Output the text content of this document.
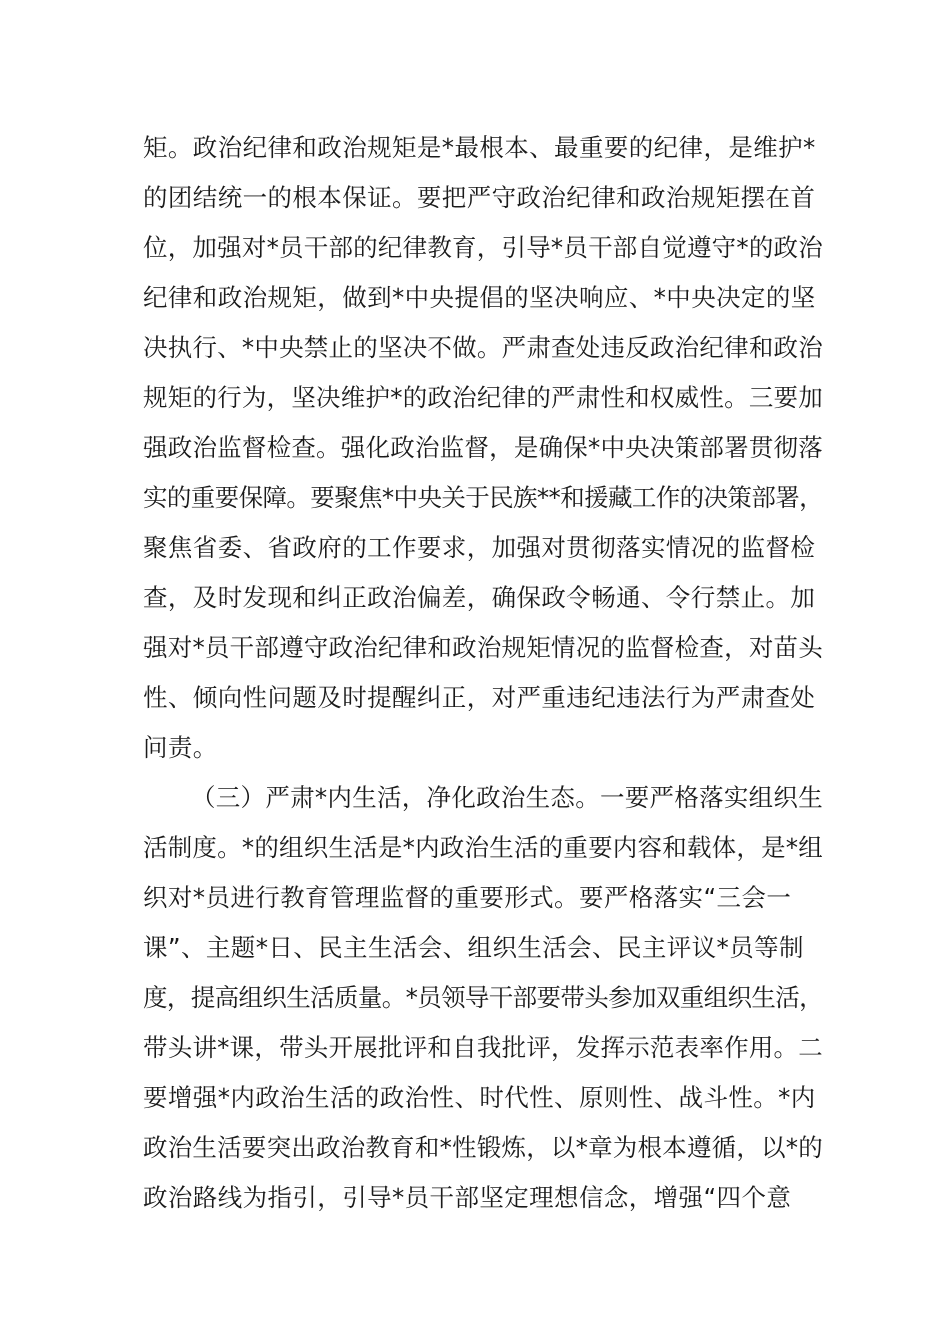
矩。政治纪律和政治规矩是*最根本、最重要的纪律，是维护*
的团结统一的根本保证。要把严守政治纪律和政治规矩摆在首
位，加强对*员干部的纪律教育，引导*员干部自觉遵守*的政治
纪律和政治规矩，做到*中央提倡的坚决响应、*中央决定的坚
决执行、*中央禁止的坚决不做。严肃查处违反政治纪律和政治
规矩的行为，坚决维护*的政治纪律的严肃性和权威性。三要加
强政治监督检查。强化政治监督，是确保*中央决策部署贯彻落
实的重要保障。要聚焦*中央关于民族**和援藏工作的决策部署，
聚焦省委、省政府的工作要求，加强对贯彻落实情况的监督检
查，及时发现和纠正政治偏差，确保政令畅通、令行禁止。加
强对*员干部遵守政治纪律和政治规矩情况的监督检查，对苗头
性、倾向性问题及时提醒纠正，对严重违纪违法行为严肃查处
问责。
（三）严肃*内生活，净化政治生态。一要严格落实组织生
活制度。*的组织生活是*内政治生活的重要内容和载体，是*组
织对*员进行教育管理监督的重要形式。要严格落实“三会一
课”、主题*日、民主生活会、组织生活会、民主评议*员等制
度，提高组织生活质量。*员领导干部要带头参加双重组织生活，
带头讲*课，带头开展批评和自我批评，发挥示范表率作用。二
要增强*内政治生活的政治性、时代性、原则性、战斗性。*内
政治生活要突出政治教育和*性锻炼，以*章为根本遵循，以*的
政治路线为指引，引导*员干部坚定理想信念，增强“四个意
